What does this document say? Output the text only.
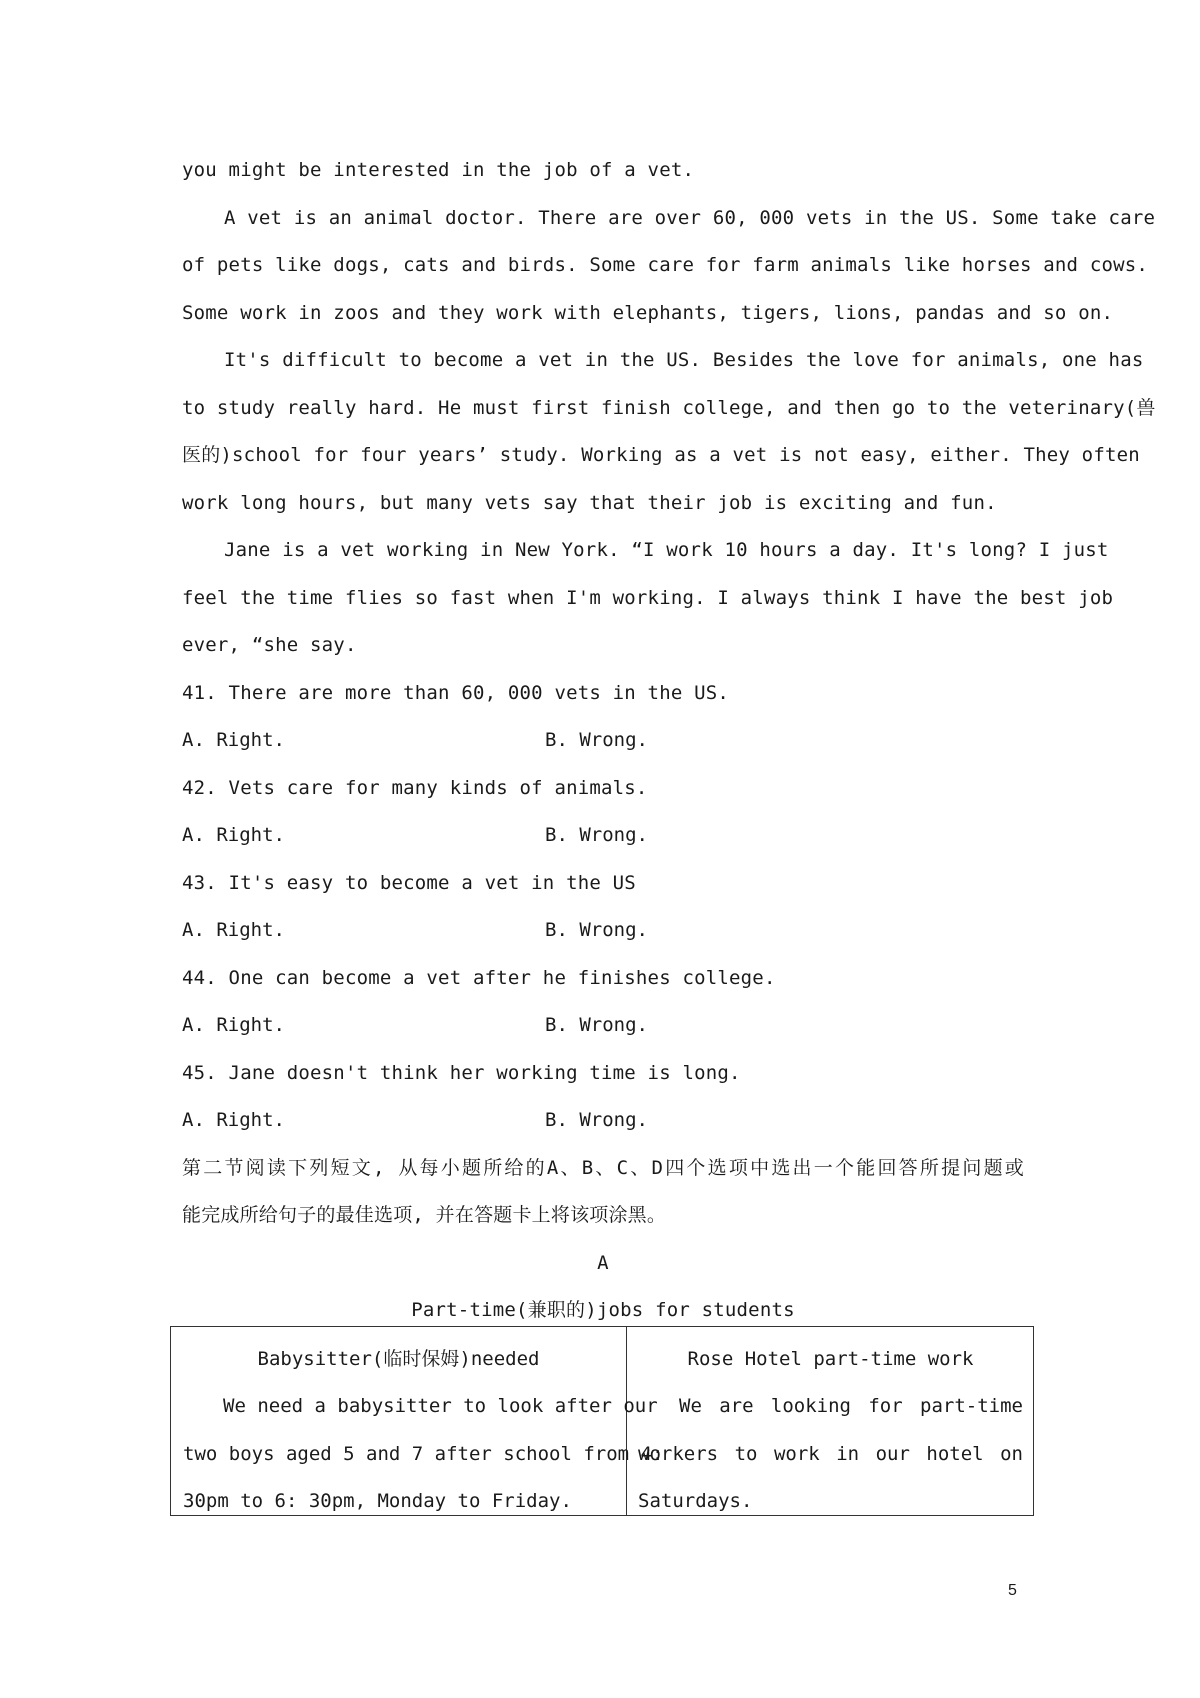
you might be interested in the job of a vet.
A vet is an animal doctor. There are over 60, 000 vets in the US. Some take care
of pets like dogs, cats and birds. Some care for farm animals like horses and cows.
Some work in zoos and they work with elephants, tigers, lions, pandas and so on.
It's difficult to become a vet in the US. Besides the love for animals, one has
to study really hard. He must first finish college, and then go to the veterinary(兽
医的)school for four years’ study. Working as a vet is not easy, either. They often
work long hours, but many vets say that their job is exciting and fun.
Jane is a vet working in New York. “I work 10 hours a day. It's long? I just
feel the time flies so fast when I'm working. I always think I have the best job
ever, “she say.
41. There are more than 60, 000 vets in the US.
A. Right.	B. Wrong.
42. Vets care for many kinds of animals.
A. Right.	B. Wrong.
43. It's easy to become a vet in the US
A. Right.	B. Wrong.
44. One can become a vet after he finishes college.
A. Right.	B. Wrong.
45. Jane doesn't think her working time is long.
A. Right.	B. Wrong.
第二节阅读下列短文, 从每小题所给的A、B、C、D四个选项中选出一个能回答所提问题或
能完成所给句子的最佳选项, 并在答题卡上将该项涂黑。
A
Part-time(兼职的)jobs for students
Babysitter(临时保姆)needed
We need a babysitter to look after our
two boys aged 5 and 7 after school from 4:
30pm to 6: 30pm, Monday to Friday.
Rose Hotel part-time work
We are looking for part-time
workers to work in our hotel on
Saturdays.
5
